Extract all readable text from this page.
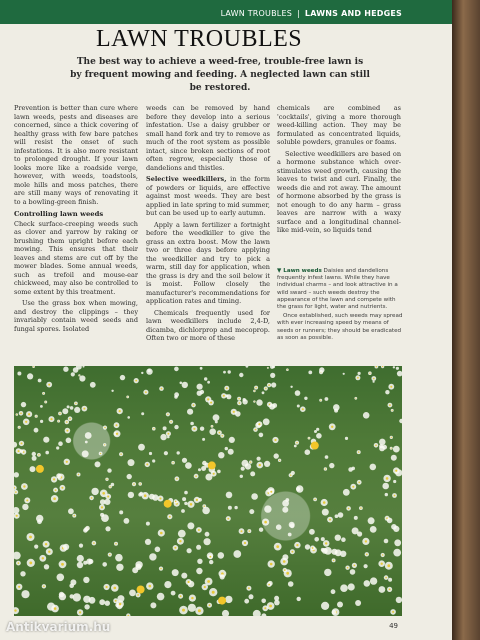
LAWN TROUBLES | LAWNS AND HEDGES
LAWN TROUBLES

The best way to achieve a weed-free, trouble-free lawn is by frequent mowing and feeding. A neglected lawn can still be restored.

Prevention is better than cure where lawn weeds, pests and diseases are concerned, since a thick covering of healthy grass with few bare patches will resist the onset of such infestations. It is also more resistant to prolonged drought. If your lawn looks more like a roadside verge, however, with weeds, toadstools, mole hills and moss patches, there are still many ways of renovating it to a bowling-green finish.

Controlling lawn weeds

Check surface-creeping weeds such as clover and yarrow by raking or brushing them upright before each mowing. This ensures that their leaves and stems are cut off by the mower blades. Some annual weeds, such as trefoil and mouse-ear chickweed, may also be controlled to some extent by this treatment.

Use the grass box when mowing, and destroy the clippings – they invariably contain weed seeds and fungal spores. Isolated

weeds can be removed by hand before they develop into a serious infestation. Use a daisy grubber or small hand fork and try to remove as much of the root system as possible intact, since broken sections of root often regrow, especially those of dandelions and thistles.

Selective weedkillers, in the form of powders or liquids, are effective against most weeds. They are best applied in late spring to mid summer, but can be used up to early autumn.

Apply a lawn fertilizer a fortnight before the weedkiller to give the grass an extra boost. Mow the lawn two or three days before applying the weedkiller and try to pick a warm, still day for application, when the grass is dry and the soil below it is moist. Follow closely the manufacturer's recommendations for application rates and timing.

Chemicals frequently used for lawn weedkillers include 2,4-D, dicamba, dichlorprop and mecoprop. Often two or more of these

chemicals are combined as 'cocktails', giving a more thorough weed-killing action. They may be formulated as concentrated liquids, soluble powders, granules or foams.

Selective weedkillers are based on a hormone substance which over-stimulates weed growth, causing the leaves to twist and curl. Finally, the weeds die and rot away. The amount of hormone absorbed by the grass is not enough to do any harm – grass leaves are narrow with a waxy surface and a longitudinal channel-like mid-vein, so liquids tend

▼ Lawn weeds Daisies and dandelions frequently infest lawns. While they have individual charms – and look attractive in a wild sward – such weeds destroy the appearance of the lawn and compete with the grass for light, water and nutrients.

Once established, such weeds may spread with ever increasing speed by means of seeds or runners; they should be eradicated as soon as possible.

49
Antikvarium.hu
